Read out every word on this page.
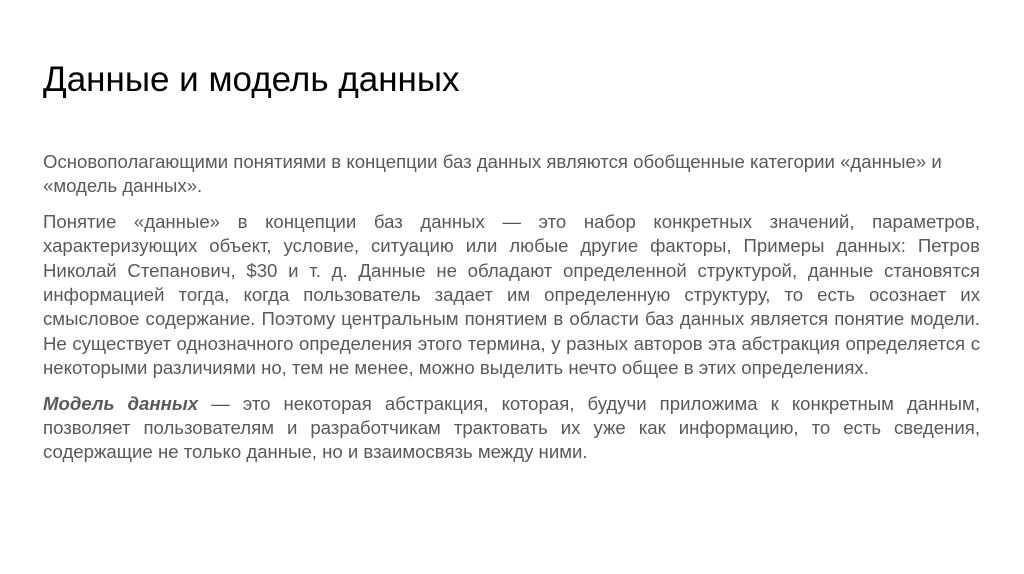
Данные и модель данных

Основополагающими понятиями в концепции баз данных являются обобщенные категории «данные» и «модель данных».

Понятие «данные» в концепции баз данных — это набор конкретных значений, параметров, характеризующих объект, условие, ситуацию или любые другие факторы, Примеры данных: Петров Николай Степанович, $30 и т. д. Данные не обладают определенной структурой, данные становятся информацией тогда, когда пользователь задает им определенную структуру, то есть осознает их смысловое содержание. Поэтому центральным понятием в области баз данных является понятие модели. Не существует однозначного определения этого термина, у разных авторов эта абстракция определяется с некоторыми различиями но, тем не менее, можно выделить нечто общее в этих определениях.

Модель данных — это некоторая абстракция, которая, будучи приложима к конкретным данным, позволяет пользователям и разработчикам трактовать их уже как информацию, то есть сведения, содержащие не только данные, но и взаимосвязь между ними.
